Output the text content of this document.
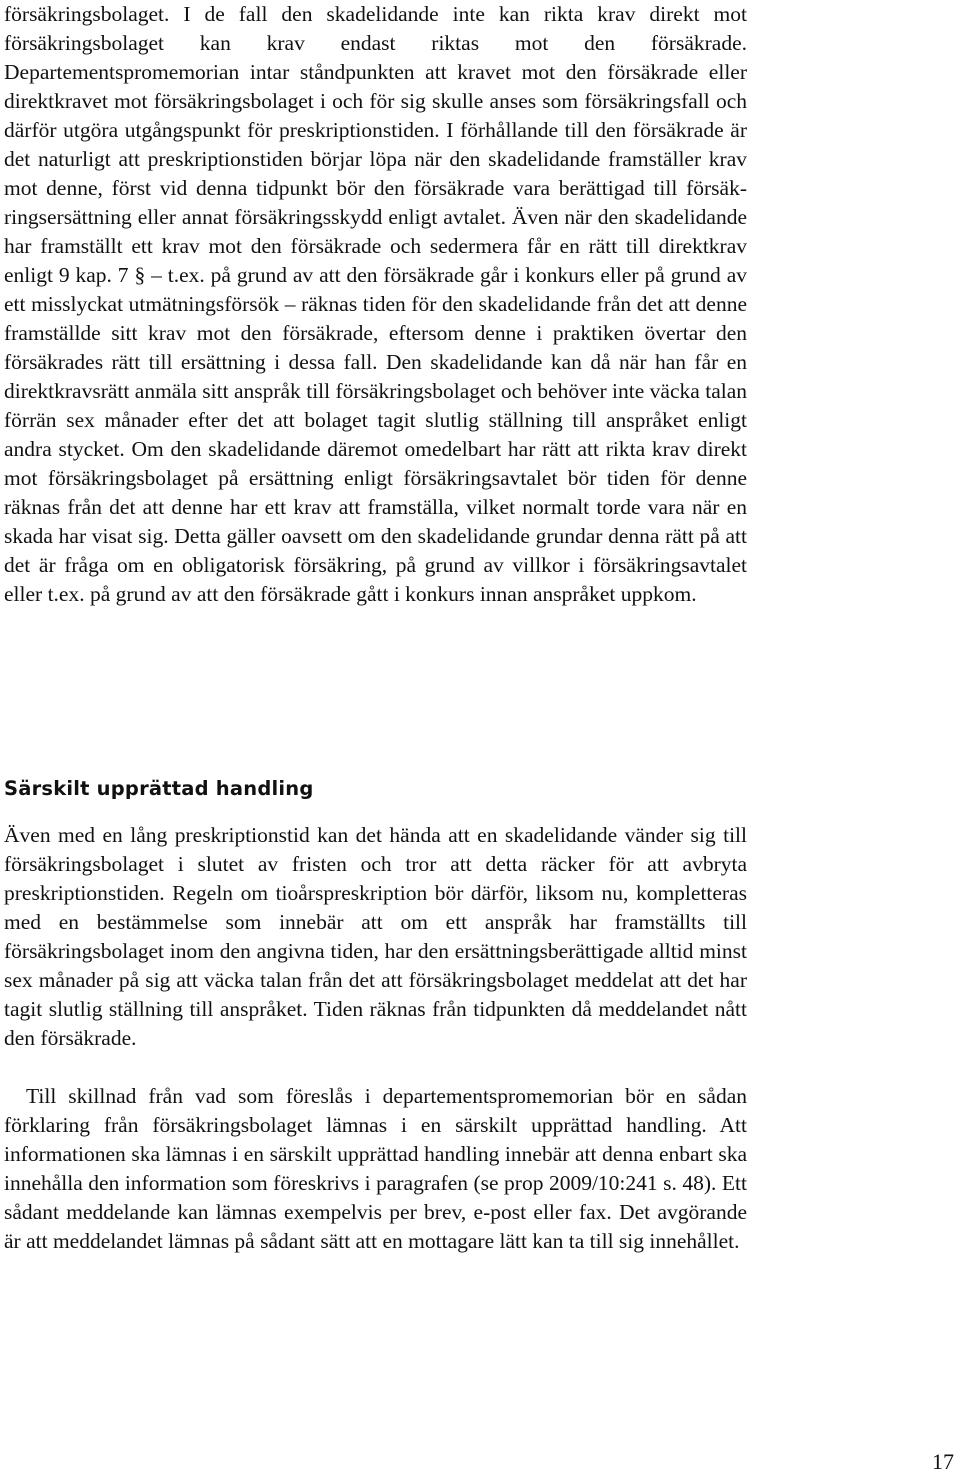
försäkringsbolaget. I de fall den skadelidande inte kan rikta krav direkt mot försäkringsbolaget kan krav endast riktas mot den försäkrade. Departementspromemorian intar ståndpunkten att kravet mot den försäkrade eller direktkravet mot försäkringsbolaget i och för sig skulle anses som försäkringsfall och därför utgöra utgångspunkt för preskriptionstiden. I förhållande till den försäkrade är det naturligt att preskriptionstiden börjar löpa när den skadelidande framställer krav mot denne, först vid denna tidpunkt bör den försäkrade vara berättigad till försäkringsersättning eller annat försäkringsskydd enligt avtalet. Även när den skadelidande har framställt ett krav mot den försäkrade och sedermera får en rätt till direktkrav enligt 9 kap. 7 § – t.ex. på grund av att den försäkrade går i konkurs eller på grund av ett misslyckat utmätningsförsök – räknas tiden för den skadelidande från det att denne framställde sitt krav mot den försäkrade, eftersom denne i praktiken övertar den försäkrades rätt till ersättning i dessa fall. Den skadelidande kan då när han får en direktkravsrätt anmäla sitt anspråk till försäkringsbolaget och behöver inte väcka talan förrän sex månader efter det att bolaget tagit slutlig ställning till anspråket enligt andra stycket. Om den skadelidande däremot omedelbart har rätt att rikta krav direkt mot försäkringsbolaget på ersättning enligt försäkringsavtalet bör tiden för denne räknas från det att denne har ett krav att framställa, vilket normalt torde vara när en skada har visat sig. Detta gäller oavsett om den skadelidande grundar denna rätt på att det är fråga om en obligatorisk försäkring, på grund av villkor i försäkringsavtalet eller t.ex. på grund av att den försäkrade gått i konkurs innan anspråket uppkom.

Särskilt upprättad handling

Även med en lång preskriptionstid kan det hända att en skadelidande vänder sig till försäkringsbolaget i slutet av fristen och tror att detta räcker för att avbryta preskriptionstiden. Regeln om tioårspreskription bör därför, liksom nu, kompletteras med en bestämmelse som innebär att om ett anspråk har framställts till försäkringsbolaget inom den angivna tiden, har den ersättningsberättigade alltid minst sex månader på sig att väcka talan från det att försäkringsbolaget meddelat att det har tagit slutlig ställning till anspråket. Tiden räknas från tidpunkten då meddelandet nått den försäkrade.

Till skillnad från vad som föreslås i departementspromemorian bör en sådan förklaring från försäkringsbolaget lämnas i en särskilt upprättad handling. Att informationen ska lämnas i en särskilt upprättad handling innebär att denna enbart ska innehålla den information som föreskrivs i paragrafen (se prop 2009/10:241 s. 48). Ett sådant meddelande kan lämnas exempelvis per brev, e-post eller fax. Det avgörande är att meddelandet lämnas på sådant sätt att en mottagare lätt kan ta till sig innehållet.

17
